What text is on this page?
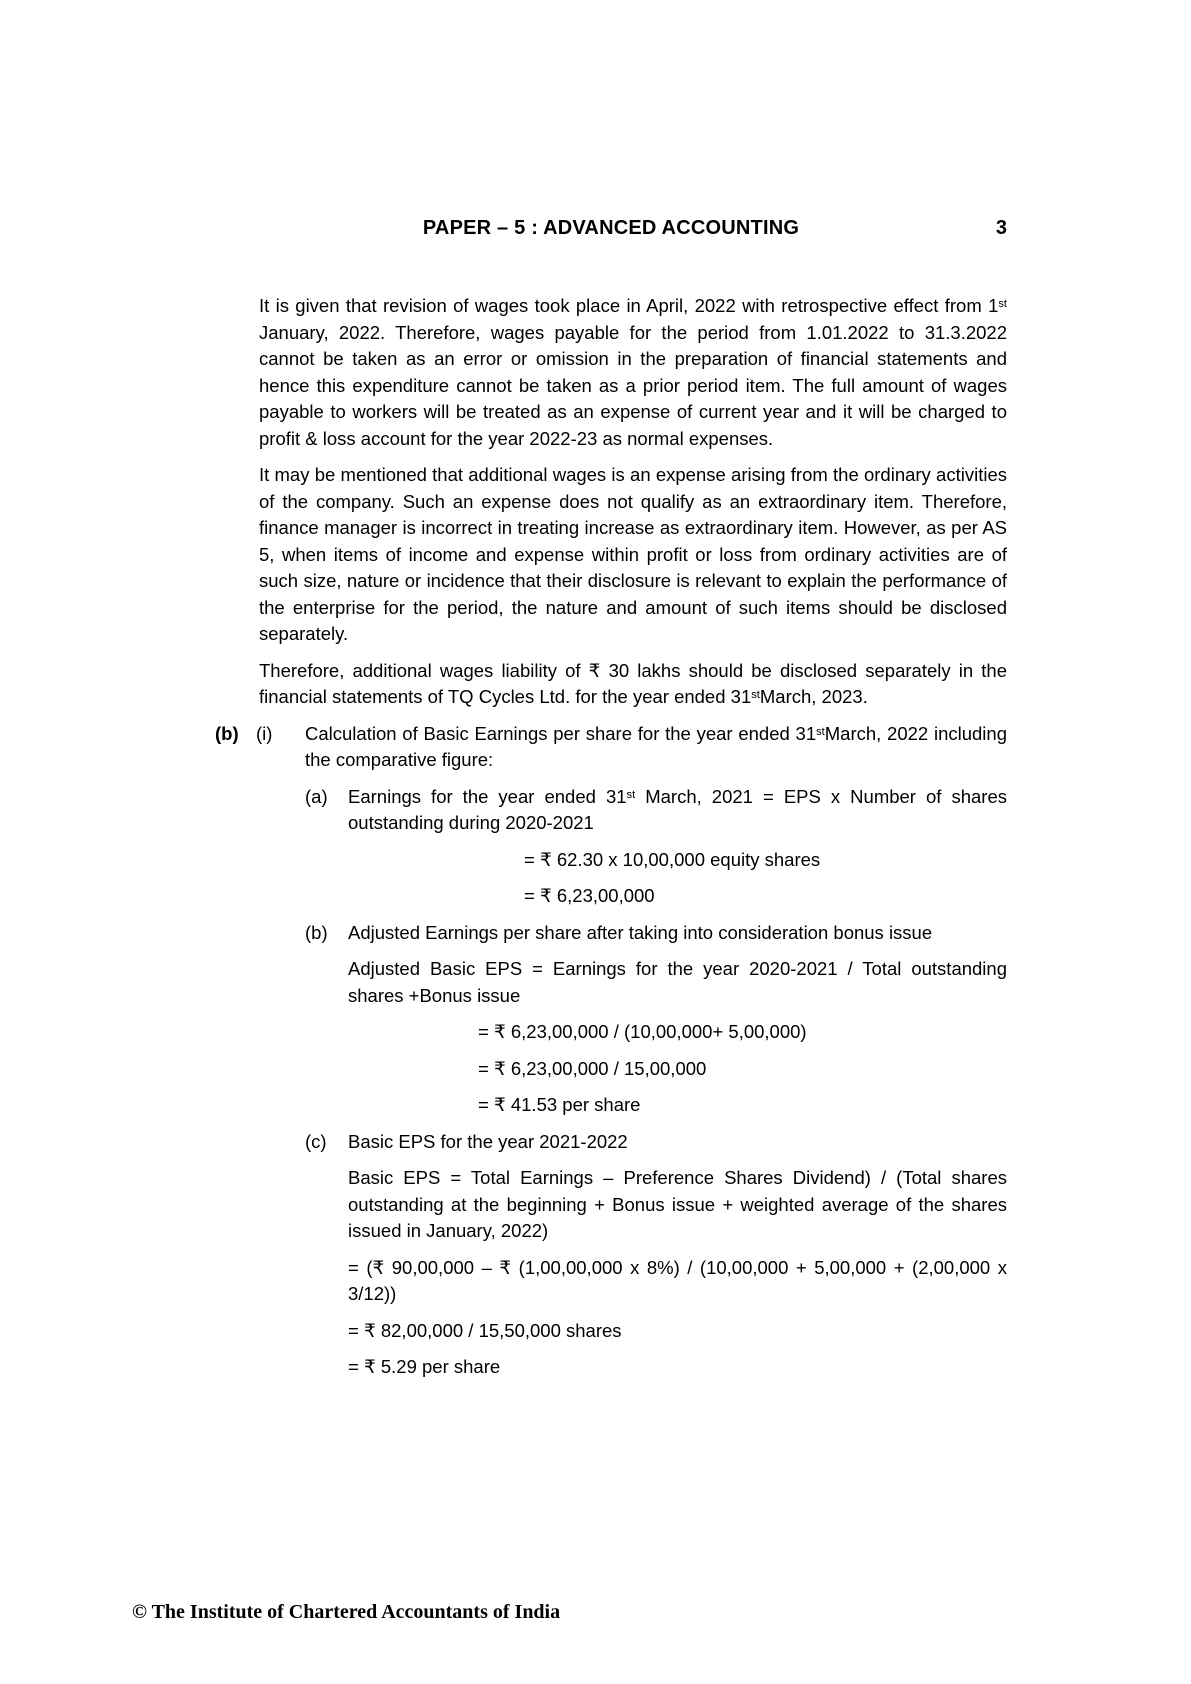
PAPER – 5 : ADVANCED ACCOUNTING	3

It is given that revision of wages took place in April, 2022 with retrospective effect from 1st January, 2022. Therefore, wages payable for the period from 1.01.2022 to 31.3.2022 cannot be taken as an error or omission in the preparation of financial statements and hence this expenditure cannot be taken as a prior period item. The full amount of wages payable to workers will be treated as an expense of current year and it will be charged to profit & loss account for the year 2022-23 as normal expenses.

It may be mentioned that additional wages is an expense arising from the ordinary activities of the company. Such an expense does not qualify as an extraordinary item. Therefore, finance manager is incorrect in treating increase as extraordinary item. However, as per AS 5, when items of income and expense within profit or loss from ordinary activities are of such size, nature or incidence that their disclosure is relevant to explain the performance of the enterprise for the period, the nature and amount of such items should be disclosed separately.

Therefore, additional wages liability of ₹ 30 lakhs should be disclosed separately in the financial statements of TQ Cycles Ltd. for the year ended 31stMarch, 2023.

(b) (i)	Calculation of Basic Earnings per share for the year ended 31stMarch, 2022 including the comparative figure:
(a)	Earnings for the year ended 31st March, 2021 = EPS x Number of shares outstanding during 2020-2021

= ₹ 62.30 x 10,00,000 equity shares

= ₹ 6,23,00,000

(b)	Adjusted Earnings per share after taking into consideration bonus issue

Adjusted Basic EPS = Earnings for the year 2020-2021 / Total outstanding shares +Bonus issue

= ₹ 6,23,00,000 / (10,00,000+ 5,00,000)

= ₹ 6,23,00,000 / 15,00,000

= ₹ 41.53 per share

(c)	Basic EPS for the year 2021-2022

Basic EPS = Total Earnings – Preference Shares Dividend) / (Total shares outstanding at the beginning + Bonus issue + weighted average of the shares issued in January, 2022)

= (₹ 90,00,000 – ₹ (1,00,00,000 x 8%) / (10,00,000 + 5,00,000 + (2,00,000 x 3/12))

= ₹ 82,00,000 / 15,50,000 shares

= ₹ 5.29 per share

© The Institute of Chartered Accountants of India
